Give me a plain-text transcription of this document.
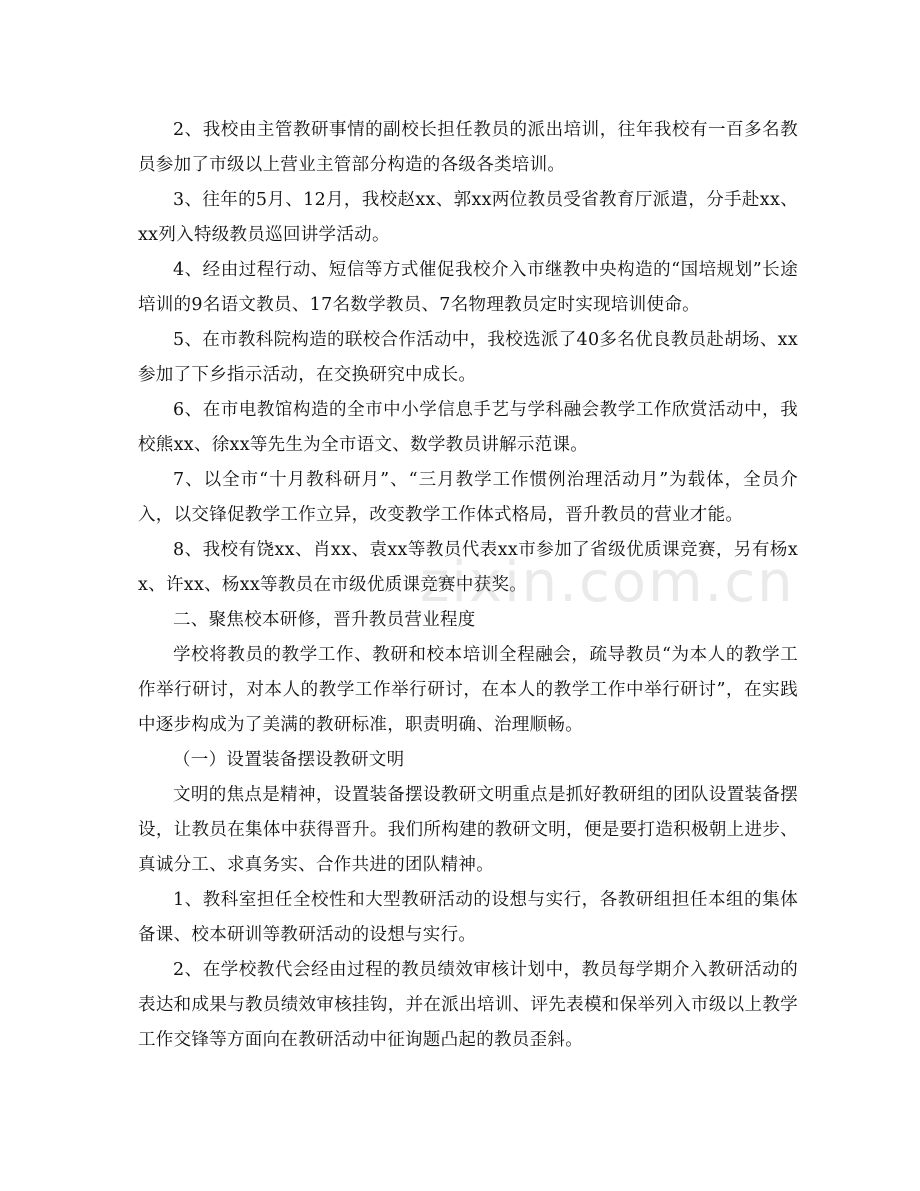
2、我校由主管教研事情的副校长担任教员的派出培训，往年我校有一百多名教员参加了市级以上营业主管部分构造的各级各类培训。

3、往年的5月、12月，我校赵xx、郭xx两位教员受省教育厅派遣，分手赴xx、xx列入特级教员巡回讲学活动。

4、经由过程行动、短信等方式催促我校介入市继教中央构造的“国培规划”长途培训的9名语文教员、17名数学教员、7名物理教员定时实现培训使命。

5、在市教科院构造的联校合作活动中，我校选派了40多名优良教员赴胡场、xx参加了下乡指示活动，在交换研究中成长。

6、在市电教馆构造的全市中小学信息手艺与学科融会教学工作欣赏活动中，我校熊xx、徐xx等先生为全市语文、数学教员讲解示范课。

7、以全市“十月教科研月”、“三月教学工作惯例治理活动月”为载体，全员介入，以交锋促教学工作立异，改变教学工作体式格局，晋升教员的营业才能。

8、我校有饶xx、肖xx、袁xx等教员代表xx市参加了省级优质课竞赛，另有杨xx、许xx、杨xx等教员在市级优质课竞赛中获奖。

二、聚焦校本研修，晋升教员营业程度

学校将教员的教学工作、教研和校本培训全程融会，疏导教员“为本人的教学工作举行研讨，对本人的教学工作举行研讨，在本人的教学工作中举行研讨”，在实践中逐步构成为了美满的教研标准，职责明确、治理顺畅。

（一）设置装备摆设教研文明

文明的焦点是精神，设置装备摆设教研文明重点是抓好教研组的团队设置装备摆设，让教员在集体中获得晋升。我们所构建的教研文明，便是要打造积极朝上进步、真诚分工、求真务实、合作共进的团队精神。

1、教科室担任全校性和大型教研活动的设想与实行，各教研组担任本组的集体备课、校本研训等教研活动的设想与实行。

2、在学校教代会经由过程的教员绩效审核计划中，教员每学期介入教研活动的表达和成果与教员绩效审核挂钩，并在派出培训、评先表模和保举列入市级以上教学工作交锋等方面向在教研活动中征询题凸起的教员歪斜。

zixin.com.cn
